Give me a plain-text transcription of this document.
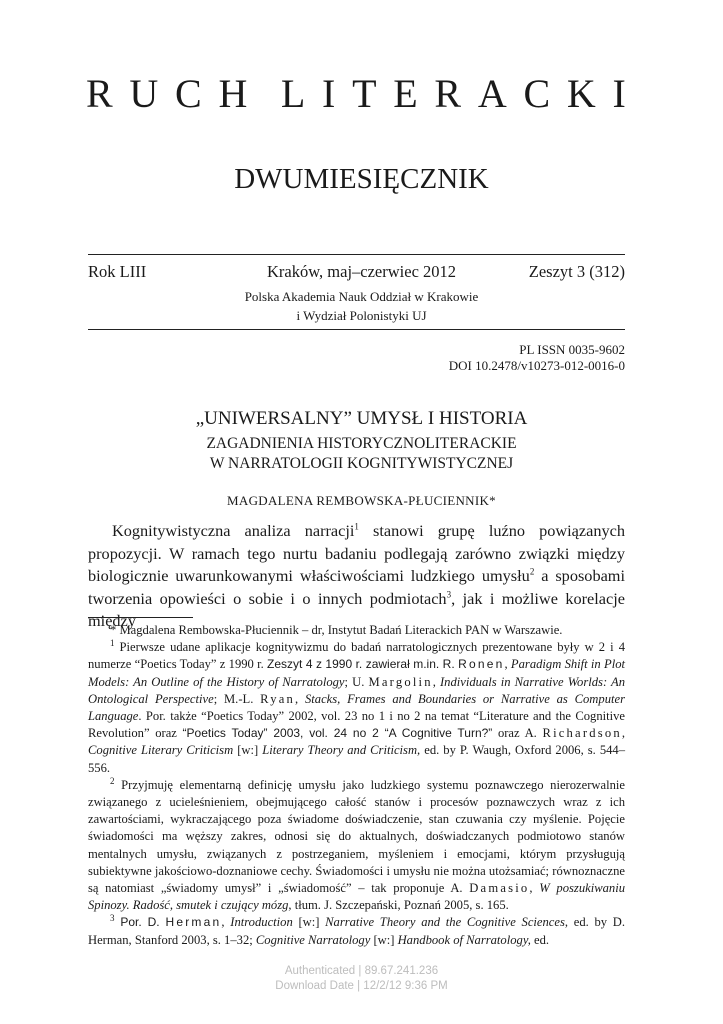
R U C H L I T E R A C K I
DWUMIESIĘCZNIK
Rok LIII	Kraków, maj–czerwiec 2012	Zeszyt 3 (312)
Polska Akademia Nauk Oddział w Krakowie
i Wydział Polonistyki UJ
PL ISSN 0035-9602
DOI 10.2478/v10273-012-0016-0
„UNIWERSALNY” UMYSŁ I HISTORIA
ZAGADNIENIA HISTORYCZNOLITERACKIE
W NARRATOLOGII KOGNITYWISTYCZNEJ
MAGDALENA REMBOWSKA-PŁUCIENNIK*

Kognitywistyczna analiza narracji$^1$ stanowi grupę luźno powiązanych propozycji. W ramach tego nurtu badaniu podlegają zarówno związki między biologicznie uwarunkowanymi właściwościami ludzkiego umysłu$^2$ a sposobami tworzenia opowieści o sobie i o innych podmiotach$^3$, jak i możliwe korelacje między

* Magdalena Rembowska-Płuciennik – dr, Instytut Badań Literackich PAN w Warszawie.

$^1$ Pierwsze udane aplikacje kognitywizmu do badań narratologicznych prezentowane były w 2 i 4 numerze “Poetics Today” z 1990 r. Zeszyt 4 z 1990 r. zawierał m.in. R. Ronen, Paradigm Shift in Plot Models: An Outline of the History of Narratology; U. Margolin, Individuals in Narrative Worlds: An Ontological Perspective; M.-L. Ryan, Stacks, Frames and Boundaries or Narrative as Computer Language. Por. także “Poetics Today” 2002, vol. 23 no 1 i no 2 na temat “Literature and the Cognitive Revolution” oraz “Poetics Today” 2003, vol. 24 no 2 “A Cognitive Turn?” oraz A. Richardson, Cognitive Literary Criticism [w:] Literary Theory and Criticism, ed. by P. Waugh, Oxford 2006, s. 544–556.

$^2$ Przyjmuję elementarną definicję umysłu jako ludzkiego systemu poznawczego nierozerwalnie związanego z ucieleśnieniem, obejmującego całość stanów i procesów poznawczych wraz z ich zawartościami, wykraczającego poza świadome doświadczenie, stan czuwania czy myślenie. Pojęcie świadomości ma węższy zakres, odnosi się do aktualnych, doświadczanych podmiotowo stanów mentalnych umysłu, związanych z postrzeganiem, myśleniem i emocjami, którym przysługują subiektywne jakościowo-doznaniowe cechy. Świadomości i umysłu nie można utożsamiać; równoznaczne są natomiast „świadomy umysł” i „świadomość” – tak proponuje A. Damasio, W poszukiwaniu Spinozy. Radość, smutek i czujący mózg, tłum. J. Szczepański, Poznań 2005, s. 165.

$^3$ Por. D. Herman, Introduction [w:] Narrative Theory and the Cognitive Sciences, ed. by D. Herman, Stanford 2003, s. 1–32; Cognitive Narratology [w:] Handbook of Narratology, ed.

Authenticated | 89.67.241.236
Download Date | 12/2/12 9:36 PM
